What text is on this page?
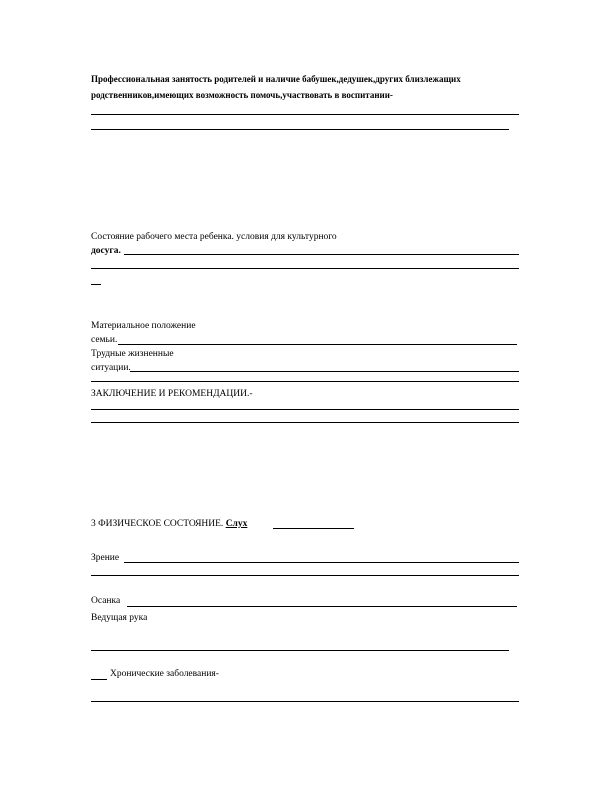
Профессиональная занятость родителей и наличие бабушек,дедушек,других близлежащих
родственников,имеющих возможность помочь,участвовать в воспитании-
Состояние рабочего места ребенка. условия для культурного
досуга.
Материальное положение
семьи.
Трудные жизненные
ситуации.
ЗАКЛЮЧЕНИЕ И РЕКОМЕНДАЦИИ.-
3 ФИЗИЧЕСКОЕ СОСТОЯНИЕ. Слух
Зрение
Осанка
Ведущая рука
Хронические заболевания-
